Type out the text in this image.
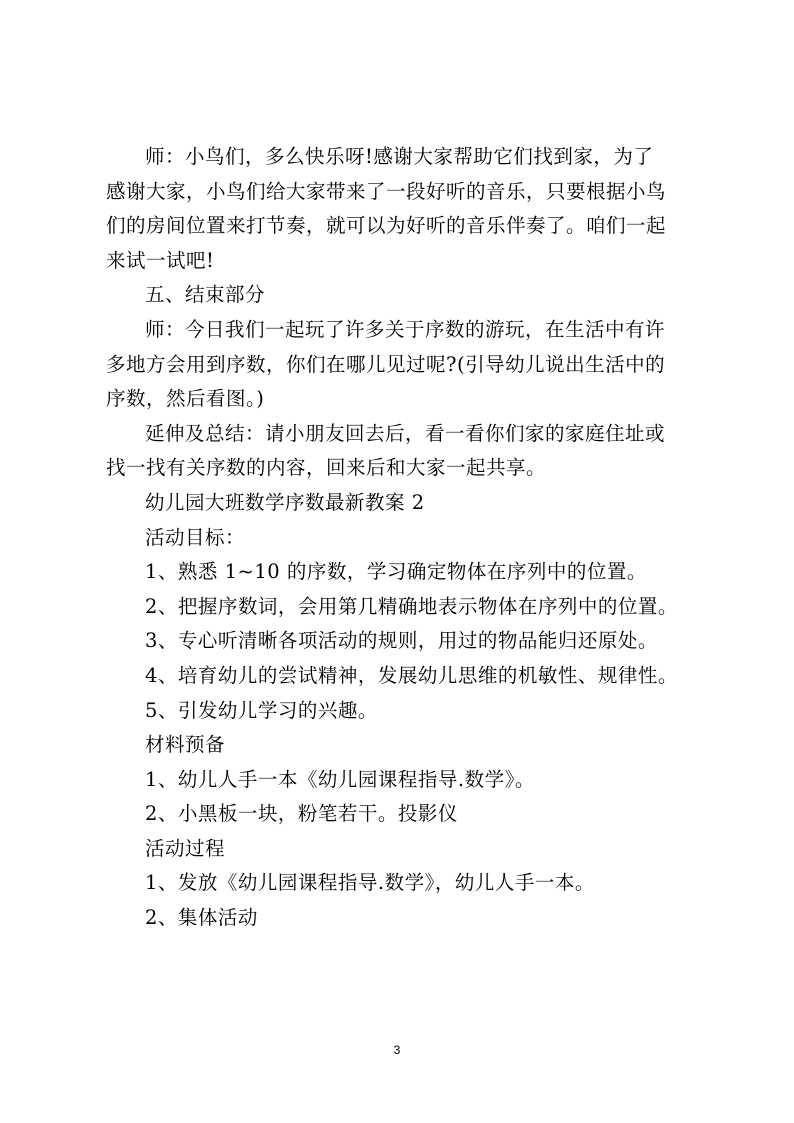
师：小鸟们，多么快乐呀!感谢大家帮助它们找到家，为了
感谢大家，小鸟们给大家带来了一段好听的音乐，只要根据小鸟
们的房间位置来打节奏，就可以为好听的音乐伴奏了。咱们一起
来试一试吧!
五、结束部分
师：今日我们一起玩了许多关于序数的游玩，在生活中有许
多地方会用到序数，你们在哪儿见过呢?(引导幼儿说出生活中的
序数，然后看图。)
延伸及总结：请小朋友回去后，看一看你们家的家庭住址或
找一找有关序数的内容，回来后和大家一起共享。
幼儿园大班数学序数最新教案 2
活动目标：
1、熟悉 1~10 的序数，学习确定物体在序列中的位置。
2、把握序数词，会用第几精确地表示物体在序列中的位置。
3、专心听清晰各项活动的规则，用过的物品能归还原处。
4、培育幼儿的尝试精神，发展幼儿思维的机敏性、规律性。
5、引发幼儿学习的兴趣。
材料预备
1、幼儿人手一本《幼儿园课程指导.数学》。
2、小黑板一块，粉笔若干。投影仪
活动过程
1、发放《幼儿园课程指导.数学》，幼儿人手一本。
2、集体活动
3
